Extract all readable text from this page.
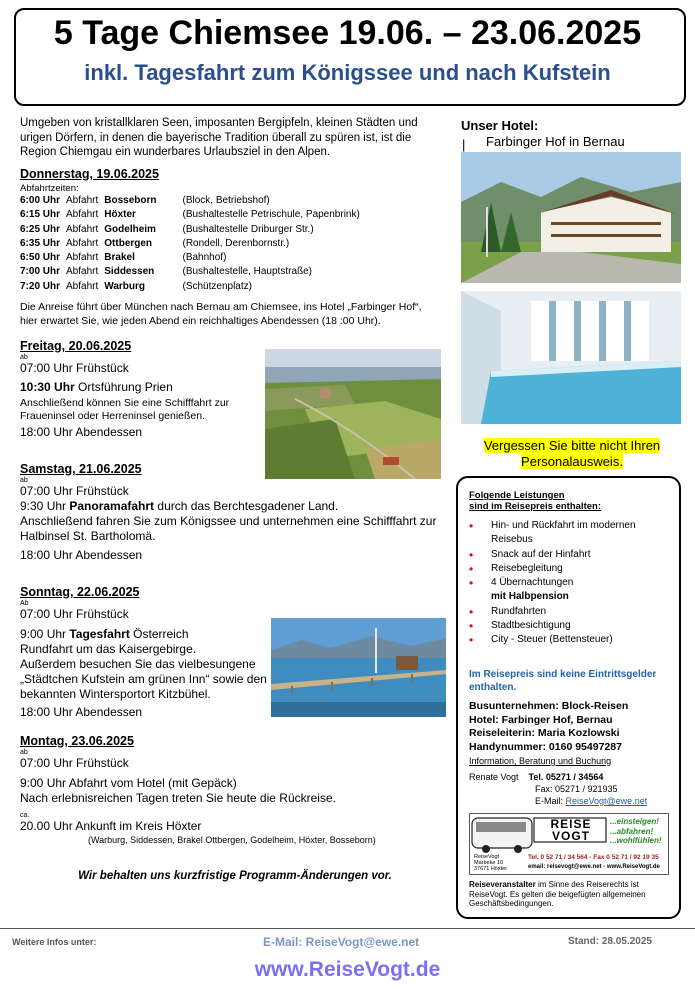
5 Tage Chiemsee 19.06. – 23.06.2025
inkl. Tagesfahrt zum Königssee und nach Kufstein
Umgeben von kristallklaren Seen, imposanten Bergipfeln, kleinen Städten und urigen Dörfern, in denen die bayerische Tradition überall zu spüren ist, ist die Region Chiemgau ein wunderbares Urlaubsziel in den Alpen.
Donnerstag, 19.06.2025
Abfahrtzeiten:
6:00 Uhr	Abfahrt	Bosseborn	(Block, Betriebshof)
6:15 Uhr	Abfahrt	Höxter	(Bushaltestelle Petrischule, Papenbrink)
6:25 Uhr	Abfahrt	Godelheim	(Bushaltestelle Driburger Str.)
6:35 Uhr	Abfahrt	Ottbergen	(Rondell, Derenbornstr.)
6:50 Uhr	Abfahrt	Brakel	(Bahnhof)
7:00 Uhr	Abfahrt	Siddessen	(Bushaltestelle, Hauptstraße)
7:20 Uhr	Abfahrt	Warburg	(Schützenplatz)
Die Anreise führt über München nach Bernau am Chiemsee, ins Hotel „Farbinger Hof“, hier erwartet Sie, wie jeden Abend ein reichhaltiges Abendessen (18 :00 Uhr).
Freitag, 20.06.2025
ab
07:00 Uhr Frühstück
10:30 Uhr Ortsführung Prien
Anschließend können Sie eine Schifffahrt zur Fraueninsel oder Herreninsel genießen.
18:00 Uhr Abendessen
Samstag, 21.06.2025
ab
07:00 Uhr Frühstück
9:30 Uhr Panoramafahrt durch das Berchtesgadener Land.
Anschließend fahren Sie zum Königssee und unternehmen eine Schifffahrt zur Halbinsel St. Bartholomä.
18:00 Uhr Abendessen
Sonntag, 22.06.2025
Ab
07:00 Uhr Frühstück
9:00 Uhr Tagesfahrt Österreich
Rundfahrt um das Kaisergebirge.
Außerdem besuchen Sie das vielbesungene „Städtchen Kufstein am grünen Inn“ sowie den bekannten Wintersportort Kitzbühel.
18:00 Uhr Abendessen
Montag, 23.06.2025
ab
07:00 Uhr Frühstück
9:00 Uhr Abfahrt vom Hotel (mit Gepäck)
Nach erlebnisreichen Tagen treten Sie heute die Rückreise.
ca.
20.00 Uhr Ankunft im Kreis Höxter
(Warburg, Siddessen, Brakel Ottbergen, Godelheim, Höxter, Bosseborn)
Wir behalten uns kurzfristige Programm-Änderungen vor.
Unser Hotel:
| Farbinger Hof in Bernau
Vergessen Sie bitte nicht Ihren
Personalausweis.
Folgende Leistungen
sind im Reisepreis enthalten:
• Hin- und Rückfahrt im modernen Reisebus
• Snack auf der Hinfahrt
• Reisebegleitung
• 4 Übernachtungen
mit Halbpension
• Rundfahrten
• Stadtbesichtigung
• City - Steuer (Bettensteuer)
Im Reisepreis sind keine Eintrittsgelder enthalten.
Busunternehmen: Block-Reisen
Hotel: Farbinger Hof, Bernau
Reiseleiterin: Maria Kozlowski
Handynummer: 0160 95497287
Information, Beratung und Buchung
Renate Vogt Tel. 05271 / 34564
Fax: 05271 / 921935
E-Mail: ReiseVogt@ewe.net
REISE VOGT
...einsteigen!
...abfahren!
...wohlfühlen!
ReiseVogt
Marbeke 10
37671 Höxter
Tel. 0 52 71 / 34 564 - Fax 0 52 71 / 92 19 35
email: reisevogt@ewe.net - www.ReiseVogt.de
Reiseveranstalter im Sinne des Reiserechts ist ReiseVogt. Es gelten die beigefügten allgemeinen Geschäftsbedingungen.
Weitere Infos unter:	E-Mail: ReiseVogt@ewe.net	Stand: 28.05.2025
www.ReiseVogt.de
